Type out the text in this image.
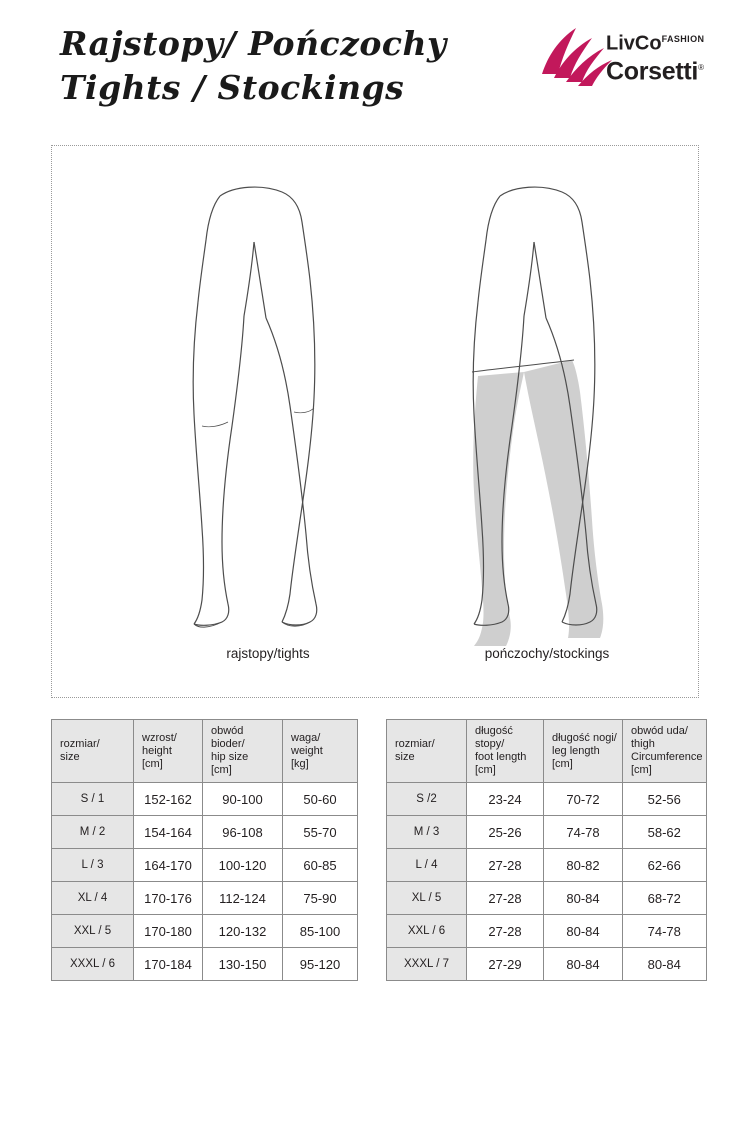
Rajstopy/ Pończochy
Tights / Stockings
LivCo$^{FASHION}$
Corsetti®
rajstopy/tights	pończochy/stockings
rozmiar/
size	wzrost/
height
[cm]	obwód bioder/
hip size
[cm]	waga/
weight
[kg]

S / 1	152-162	90-100	50-60
M / 2	154-164	96-108	55-70
L / 3	164-170	100-120	60-85
XL / 4	170-176	112-124	75-90
XXL / 5	170-180	120-132	85-100
XXXL / 6	170-184	130-150	95-120
rozmiar/
size	długość stopy/
foot length
[cm]	długość nogi/
leg length
[cm]	obwód uda/
thigh
Circumference
[cm]

S /2	23-24	70-72	52-56
M / 3	25-26	74-78	58-62
L / 4	27-28	80-82	62-66
XL / 5	27-28	80-84	68-72
XXL / 6	27-28	80-84	74-78
XXXL / 7	27-29	80-84	80-84
